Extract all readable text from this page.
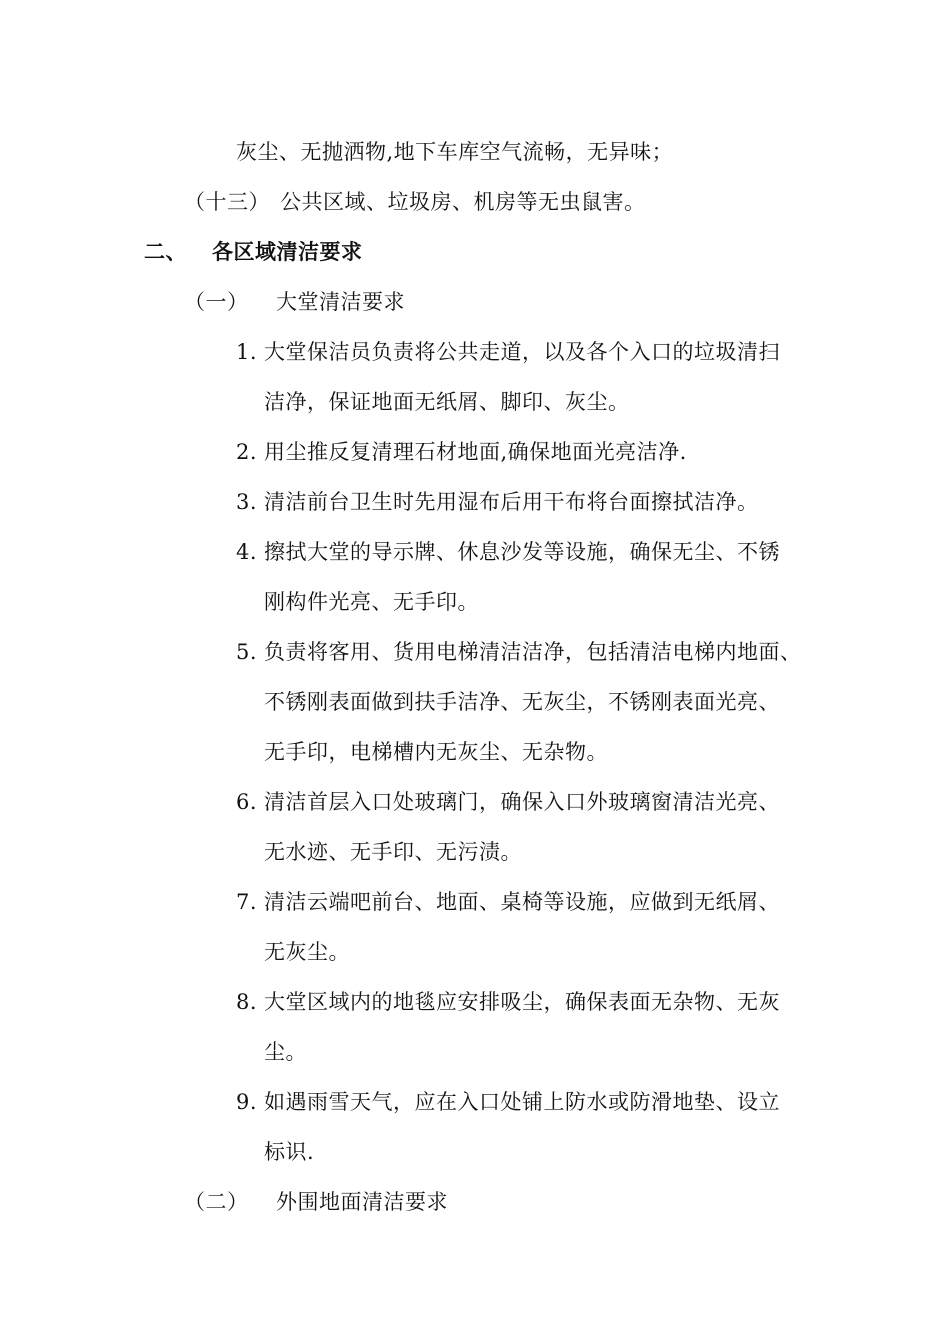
灰尘、无抛洒物,地下车库空气流畅，无异味；
（十三） 公共区域、垃圾房、机房等无虫鼠害。
二、 各区域清洁要求
（一） 大堂清洁要求
1. 大堂保洁员负责将公共走道，以及各个入口的垃圾清扫
洁净，保证地面无纸屑、脚印、灰尘。
2. 用尘推反复清理石材地面,确保地面光亮洁净.
3. 清洁前台卫生时先用湿布后用干布将台面擦拭洁净。
4. 擦拭大堂的导示牌、休息沙发等设施，确保无尘、不锈
刚构件光亮、无手印。
5. 负责将客用、货用电梯清洁洁净，包括清洁电梯内地面、
不锈刚表面做到扶手洁净、无灰尘，不锈刚表面光亮、
无手印，电梯槽内无灰尘、无杂物。
6. 清洁首层入口处玻璃门，确保入口外玻璃窗清洁光亮、
无水迹、无手印、无污渍。
7. 清洁云端吧前台、地面、桌椅等设施，应做到无纸屑、
无灰尘。
8. 大堂区域内的地毯应安排吸尘，确保表面无杂物、无灰
尘。
9. 如遇雨雪天气，应在入口处铺上防水或防滑地垫、设立
标识.
（二） 外围地面清洁要求
